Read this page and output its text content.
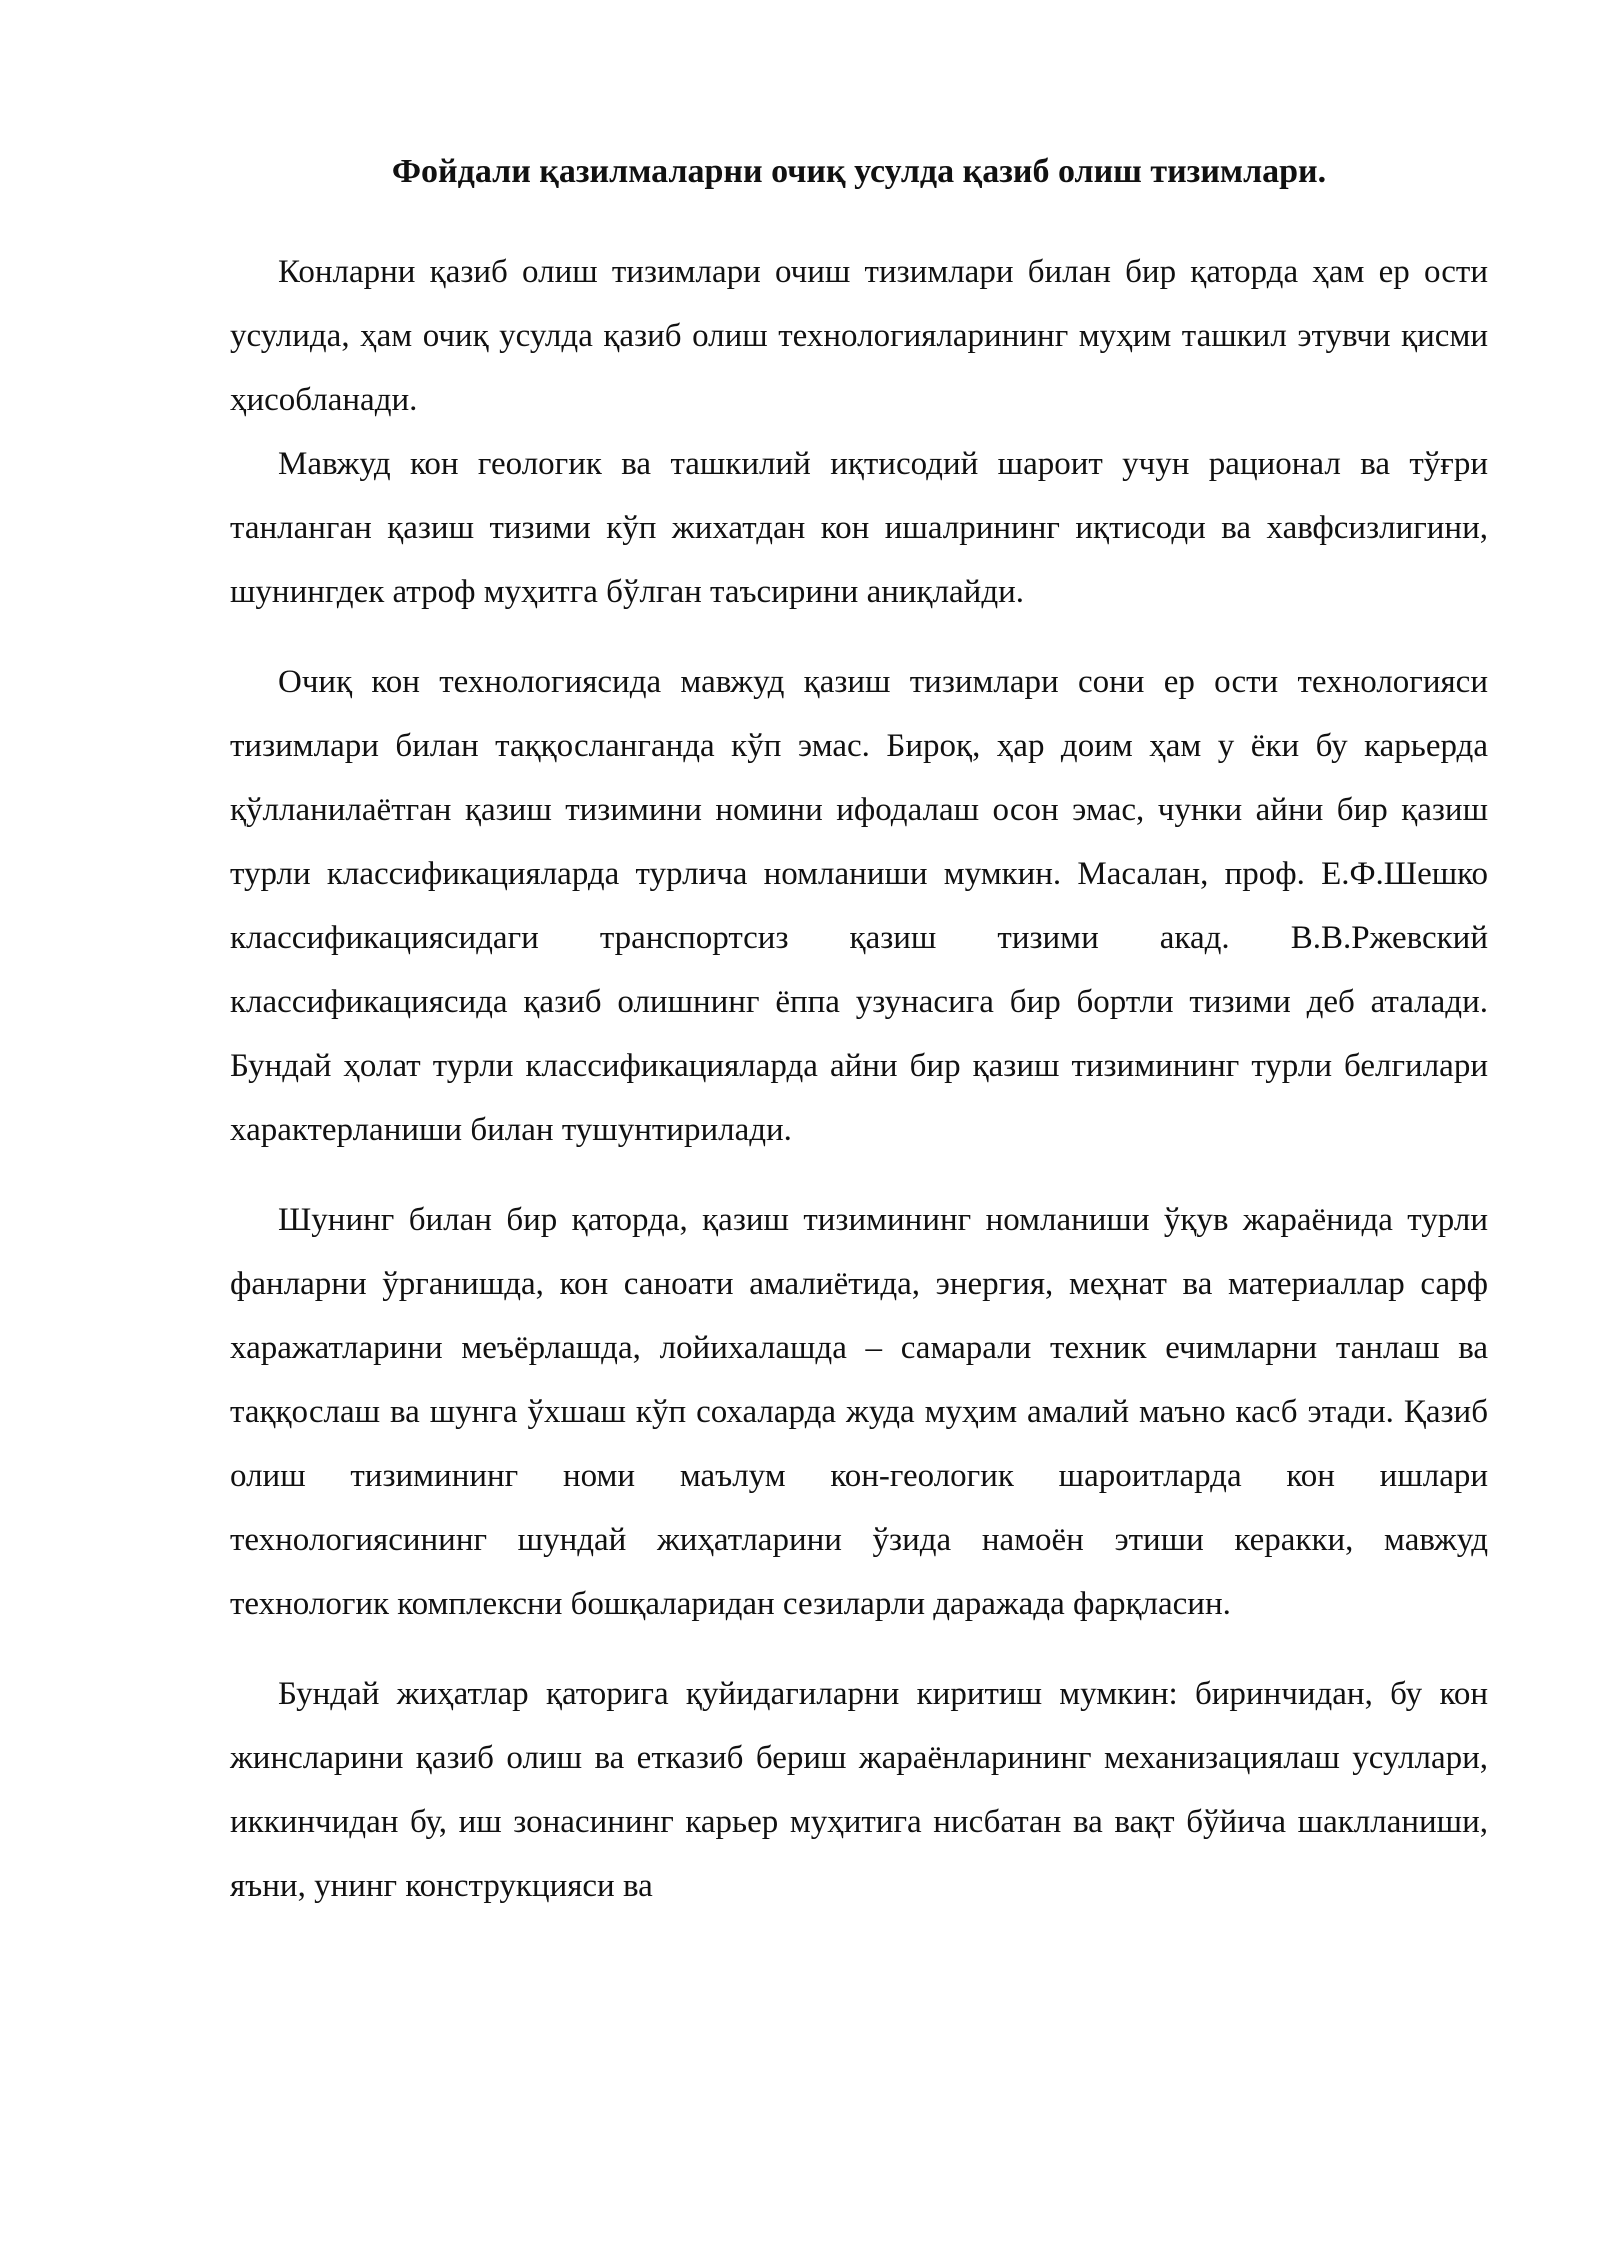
Фойдали қазилмаларни очиқ усулда қазиб олиш тизимлари.

Конларни қазиб олиш тизимлари очиш тизимлари билан бир қаторда ҳам ер ости усулида, ҳам очиқ усулда қазиб олиш технологияларининг муҳим ташкил этувчи қисми ҳисобланади.

Мавжуд кон геологик ва ташкилий иқтисодий шароит учун рационал ва тўғри танланган қазиш тизими кўп жихатдан кон ишалрининг иқтисоди ва хавфсизлигини, шунингдек атроф муҳитга бўлган таъсирини аниқлайди.

Очиқ кон технологиясида мавжуд қазиш тизимлари сони ер ости технологияси тизимлари билан таққосланганда кўп эмас. Бироқ, ҳар доим ҳам у ёки бу карьерда қўлланилаётган қазиш тизимини номини ифодалаш осон эмас, чунки айни бир қазиш турли классификацияларда турлича номланиши мумкин. Масалан, проф. Е.Ф.Шешко классификациясидаги транспортсиз қазиш тизими акад. В.В.Ржевский классификациясида қазиб олишнинг ёппа узунасига бир бортли тизими деб аталади. Бундай ҳолат турли классификацияларда айни бир қазиш тизимининг турли белгилари характерланиши билан тушунтирилади.

Шунинг билан бир қаторда, қазиш тизимининг номланиши ўқув жараёнида турли фанларни ўрганишда, кон саноати амалиётида, энергия, меҳнат ва материаллар сарф харажатларини меъёрлашда, лойихалашда – самарали техник ечимларни танлаш ва таққослаш ва шунга ўхшаш кўп сохаларда жуда муҳим амалий маъно касб этади. Қазиб олиш тизимининг номи маълум кон-геологик шароитларда кон ишлари технологиясининг шундай жиҳатларини ўзида намоён этиши керакки, мавжуд технологик комплексни бошқаларидан сезиларли даражада фарқласин.

Бундай жиҳатлар қаторига қуйидагиларни киритиш мумкин: биринчидан, бу кон жинсларини қазиб олиш ва етказиб бериш жараёнларининг механизациялаш усуллари, иккинчидан бу, иш зонасининг карьер муҳитига нисбатан ва вақт бўйича шаклланиши, яъни, унинг конструкцияси ва
